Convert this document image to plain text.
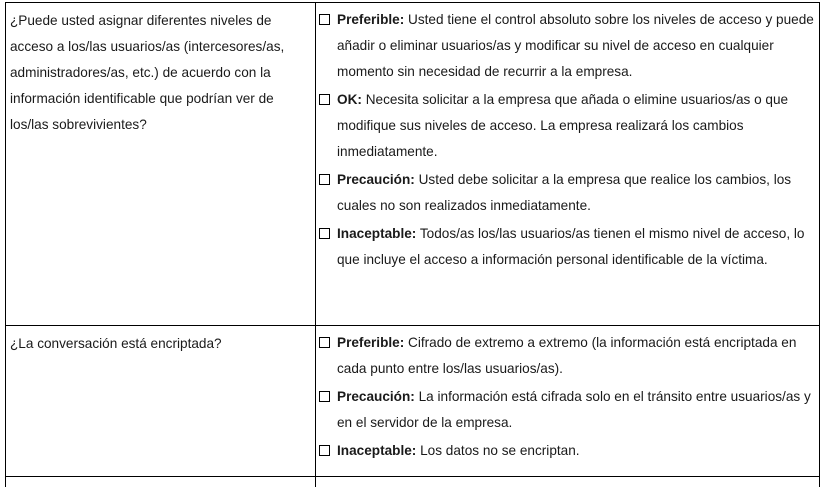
¿Puede usted asignar diferentes niveles de acceso a los/las usuarios/as (intercesores/as, administradores/as, etc.) de acuerdo con la información identificable que podrían ver de los/las sobrevivientes?
Preferible: Usted tiene el control absoluto sobre los niveles de acceso y puede añadir o eliminar usuarios/as y modificar su nivel de acceso en cualquier momento sin necesidad de recurrir a la empresa.
OK: Necesita solicitar a la empresa que añada o elimine usuarios/as o que modifique sus niveles de acceso. La empresa realizará los cambios inmediatamente.
Precaución: Usted debe solicitar a la empresa que realice los cambios, los cuales no son realizados inmediatamente.
Inaceptable: Todos/as los/las usuarios/as tienen el mismo nivel de acceso, lo que incluye el acceso a información personal identificable de la víctima.
¿La conversación está encriptada?	Preferible: Cifrado de extremo a extremo (la información está encriptada en cada punto entre los/las usuarios/as).
Precaución: La información está cifrada solo en el tránsito entre usuarios/as y en el servidor de la empresa.
Inaceptable: Los datos no se encriptan.
